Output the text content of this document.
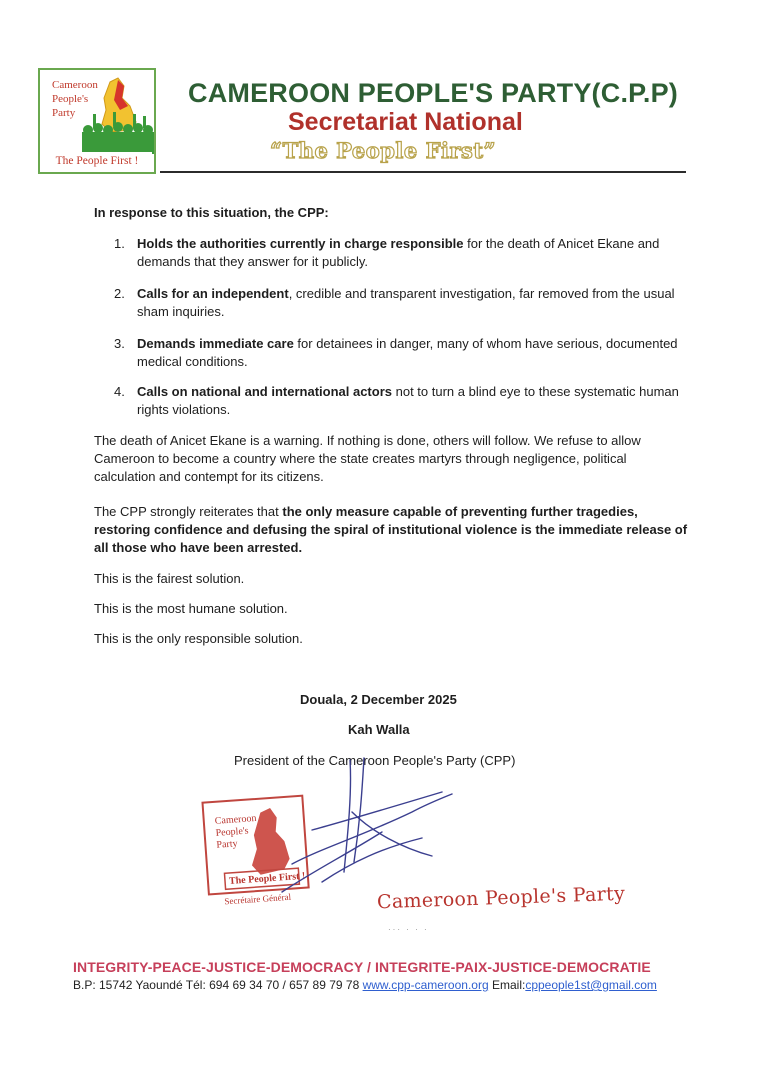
Cameroon
People's
Party
The People First !
CAMEROON PEOPLE'S PARTY(C.P.P)
Secretariat National
“The People First”
In response to this situation, the CPP:
1. Holds the authorities currently in charge responsible for the death of Anicet Ekane and demands that they answer for it publicly.
2. Calls for an independent, credible and transparent investigation, far removed from the usual sham inquiries.
3. Demands immediate care for detainees in danger, many of whom have serious, documented medical conditions.
4. Calls on national and international actors not to turn a blind eye to these systematic human rights violations.
The death of Anicet Ekane is a warning. If nothing is done, others will follow. We refuse to allow Cameroon to become a country where the state creates martyrs through negligence, political calculation and contempt for its citizens.
The CPP strongly reiterates that the only measure capable of preventing further tragedies, restoring confidence and defusing the spiral of institutional violence is the immediate release of all those who have been arrested.
This is the fairest solution.
This is the most humane solution.
This is the only responsible solution.
Douala, 2 December 2025
Kah Walla
President of the Cameroon People's Party (CPP)
Cameroon
People's
Party
The People First !
Secrétaire Général	Cameroon People's Party
··· · · ·
INTEGRITY-PEACE-JUSTICE-DEMOCRACY / INTEGRITE-PAIX-JUSTICE-DEMOCRATIE
B.P: 15742 Yaoundé Tél: 694 69 34 70 / 657 89 79 78 www.cpp-cameroon.org Email:cppeople1st@gmail.com
